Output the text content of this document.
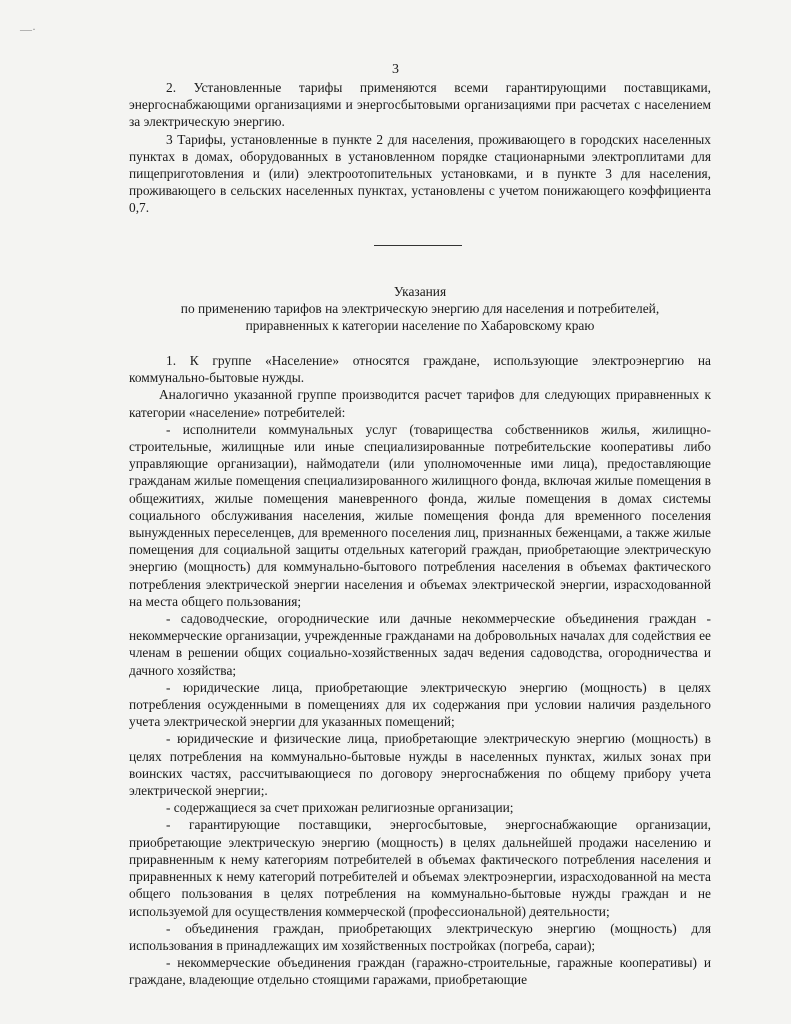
—·
3

2. Установленные тарифы применяются всеми гарантирующими поставщиками, энергоснабжающими организациями и энергосбытовыми организациями при расчетах с населением за электрическую энергию.

3 Тарифы, установленные в пункте 2 для населения, проживающего в городских населенных пунктах в домах, оборудованных в установленном порядке стационарными электроплитами для пищеприготовления и (или) электроотопительных установками, и в пункте 3 для населения, проживающего в сельских населенных пунктах, установлены с учетом понижающего коэффициента 0,7.

Указания
по применению тарифов на электрическую энергию для населения и потребителей,
приравненных к категории население по Хабаровскому краю

1. К группе «Население» относятся граждане, использующие электроэнергию на коммунально-бытовые нужды.

Аналогично указанной группе производится расчет тарифов для следующих приравненных к категории «население» потребителей:

- исполнители коммунальных услуг (товарищества собственников жилья, жилищно-строительные, жилищные или иные специализированные потребительские кооперативы либо управляющие организации), наймодатели (или уполномоченные ими лица), предоставляющие гражданам жилые помещения специализированного жилищного фонда, включая жилые помещения в общежитиях, жилые помещения маневренного фонда, жилые помещения в домах системы социального обслуживания населения, жилые помещения фонда для временного поселения вынужденных переселенцев, для временного поселения лиц, признанных беженцами, а также жилые помещения для социальной защиты отдельных категорий граждан, приобретающие электрическую энергию (мощность) для коммунально-бытового потребления населения в объемах фактического потребления электрической энергии населения и объемах электрической энергии, израсходованной на места общего пользования;

- садоводческие, огороднические или дачные некоммерческие объединения граждан - некоммерческие организации, учрежденные гражданами на добровольных началах для содействия ее членам в решении общих социально-хозяйственных задач ведения садоводства, огородничества и дачного хозяйства;

- юридические лица, приобретающие электрическую энергию (мощность) в целях потребления осужденными в помещениях для их содержания при условии наличия раздельного учета электрической энергии для указанных помещений;

- юридические и физические лица, приобретающие электрическую энергию (мощность) в целях потребления на коммунально-бытовые нужды в населенных пунктах, жилых зонах при воинских частях, рассчитывающиеся по договору энергоснабжения по общему прибору учета электрической энергии;.

- содержащиеся за счет прихожан религиозные организации;

- гарантирующие поставщики, энергосбытовые, энергоснабжающие организации, приобретающие электрическую энергию (мощность) в целях дальнейшей продажи населению и приравненным к нему категориям потребителей в объемах фактического потребления населения и приравненных к нему категорий потребителей и объемах электроэнергии, израсходованной на места общего пользования в целях потребления на коммунально-бытовые нужды граждан и не используемой для осуществления коммерческой (профессиональной) деятельности;

- объединения граждан, приобретающих электрическую энергию (мощность) для использования в принадлежащих им хозяйственных постройках (погреба, сараи);

- некоммерческие объединения граждан (гаражно-строительные, гаражные кооперативы) и граждане, владеющие отдельно стоящими гаражами, приобретающие
